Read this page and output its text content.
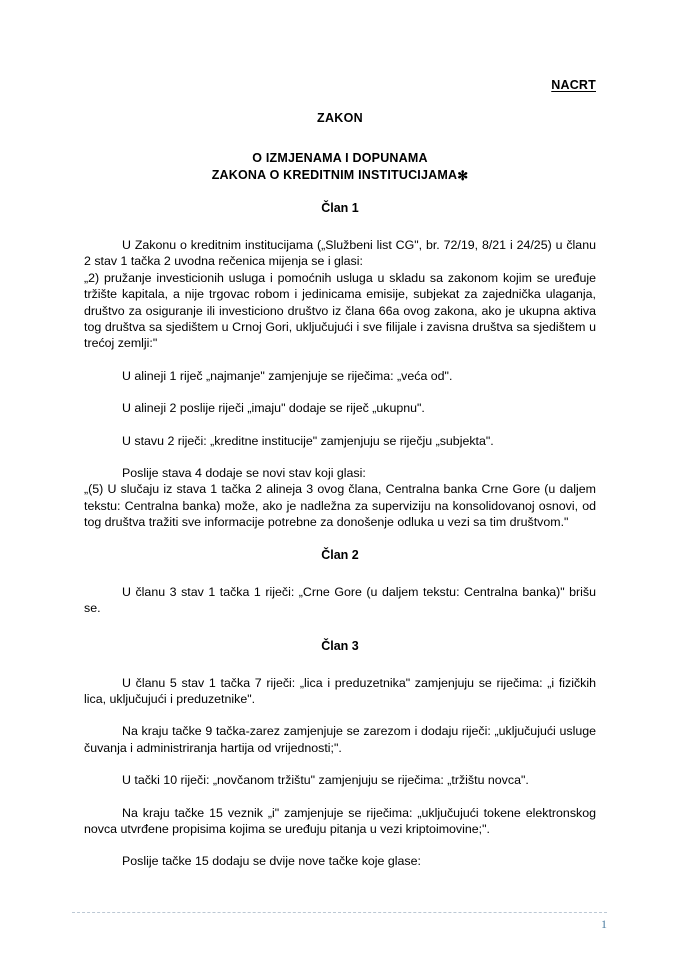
NACRT
ZAKON
O IZMJENAMA I DOPUNAMA
ZAKONA O KREDITNIM INSTITUCIJAMA✻
Član 1

U Zakonu o kreditnim institucijama („Službeni list CG", br. 72/19, 8/21 i 24/25) u članu 2 stav 1 tačka 2 uvodna rečenica mijenja se i glasi:

„2) pružanje investicionih usluga i pomoćnih usluga u skladu sa zakonom kojim se uređuje tržište kapitala, a nije trgovac robom i jedinicama emisije, subjekat za zajednička ulaganja, društvo za osiguranje ili investiciono društvo iz člana 66a ovog zakona, ako je ukupna aktiva tog društva sa sjedištem u Crnoj Gori, uključujući i sve filijale i zavisna društva sa sjedištem u trećoj zemlji:"

U alineji 1 riječ „najmanje" zamjenjuje se riječima: „veća od".

U alineji 2 poslije riječi „imaju" dodaje se riječ „ukupnu".

U stavu 2 riječi: „kreditne institucije" zamjenjuju se riječju „subjekta".

Poslije stava 4 dodaje se novi stav koji glasi:

„(5) U slučaju iz stava 1 tačka 2 alineja 3 ovog člana, Centralna banka Crne Gore (u daljem tekstu: Centralna banka) može, ako je nadležna za superviziju na konsolidovanoj osnovi, od tog društva tražiti sve informacije potrebne za donošenje odluka u vezi sa tim društvom."

Član 2

U članu 3 stav 1 tačka 1 riječi: „Crne Gore (u daljem tekstu: Centralna banka)" brišu se.

Član 3

U članu 5 stav 1 tačka 7 riječi: „lica i preduzetnika" zamjenjuju se riječima: „i fizičkih lica, uključujući i preduzetnike".

Na kraju tačke 9 tačka-zarez zamjenjuje se zarezom i dodaju riječi: „uključujući usluge čuvanja i administriranja hartija od vrijednosti;".

U tački 10 riječi: „novčanom tržištu" zamjenjuju se riječima: „tržištu novca".

Na kraju tačke 15 veznik „i" zamjenjuje se riječima: „uključujući tokene elektronskog novca utvrđene propisima kojima se uređuju pitanja u vezi kriptoimovine;".

Poslije tačke 15 dodaju se dvije nove tačke koje glase:

1
